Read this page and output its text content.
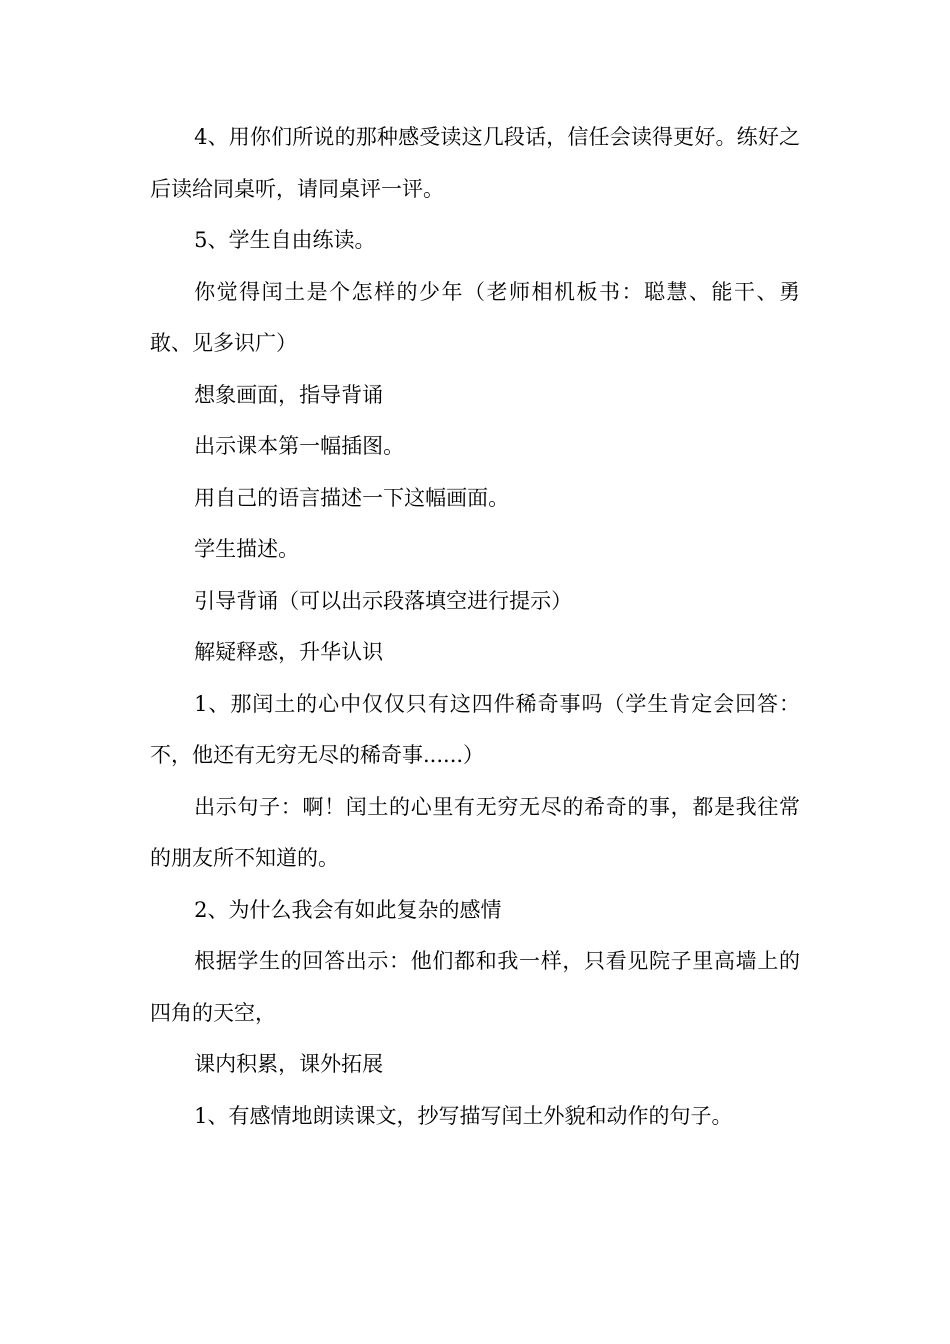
4、用你们所说的那种感受读这几段话，信任会读得更好。练好之后读给同桌听，请同桌评一评。

5、学生自由练读。

你觉得闰土是个怎样的少年（老师相机板书：聪慧、能干、勇敢、见多识广）

想象画面，指导背诵

出示课本第一幅插图。

用自己的语言描述一下这幅画面。

学生描述。

引导背诵（可以出示段落填空进行提示）

解疑释惑，升华认识

1、那闰土的心中仅仅只有这四件稀奇事吗（学生肯定会回答：不，他还有无穷无尽的稀奇事......）

出示句子：啊！闰土的心里有无穷无尽的希奇的事，都是我往常的朋友所不知道的。

2、为什么我会有如此复杂的感情

根据学生的回答出示：他们都和我一样，只看见院子里高墙上的四角的天空，

课内积累，课外拓展

1、有感情地朗读课文，抄写描写闰土外貌和动作的句子。
